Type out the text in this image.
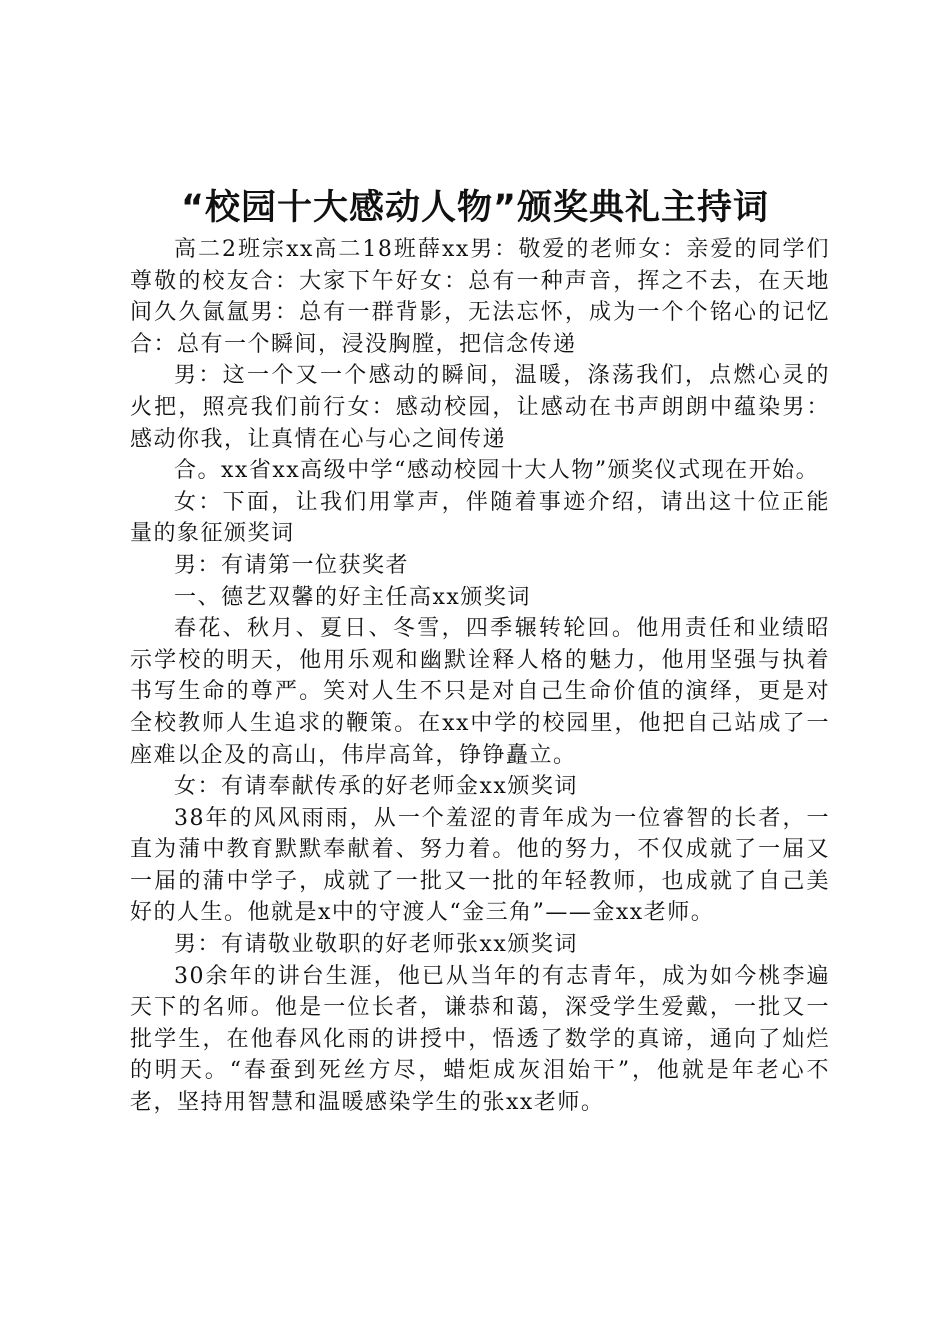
“校园十大感动人物”颁奖典礼主持词

高二2班宗xx高二18班薛xx男：敬爱的老师女：亲爱的同学们尊敬的校友合：大家下午好女：总有一种声音，挥之不去，在天地间久久氤氲男：总有一群背影，无法忘怀，成为一个个铭心的记忆合：总有一个瞬间，浸没胸膛，把信念传递

男：这一个又一个感动的瞬间，温暖，涤荡我们，点燃心灵的火把，照亮我们前行女：感动校园，让感动在书声朗朗中蕴染男：感动你我，让真情在心与心之间传递

合。xx省xx高级中学“感动校园十大人物”颁奖仪式现在开始。

女：下面，让我们用掌声，伴随着事迹介绍，请出这十位正能量的象征颁奖词

男：有请第一位获奖者

一、德艺双馨的好主任高xx颁奖词

春花、秋月、夏日、冬雪，四季辗转轮回。他用责任和业绩昭示学校的明天，他用乐观和幽默诠释人格的魅力，他用坚强与执着书写生命的尊严。笑对人生不只是对自己生命价值的演绎，更是对全校教师人生追求的鞭策。在xx中学的校园里，他把自己站成了一座难以企及的高山，伟岸高耸，铮铮矗立。

女：有请奉献传承的好老师金xx颁奖词

38年的风风雨雨，从一个羞涩的青年成为一位睿智的长者，一直为蒲中教育默默奉献着、努力着。他的努力，不仅成就了一届又一届的蒲中学子，成就了一批又一批的年轻教师，也成就了自己美好的人生。他就是x中的守渡人“金三角”——金xx老师。

男：有请敬业敬职的好老师张xx颁奖词

30余年的讲台生涯，他已从当年的有志青年，成为如今桃李遍天下的名师。他是一位长者，谦恭和蔼，深受学生爱戴，一批又一批学生，在他春风化雨的讲授中，悟透了数学的真谛，通向了灿烂的明天。“春蚕到死丝方尽，蜡炬成灰泪始干”，他就是年老心不老，坚持用智慧和温暖感染学生的张xx老师。
